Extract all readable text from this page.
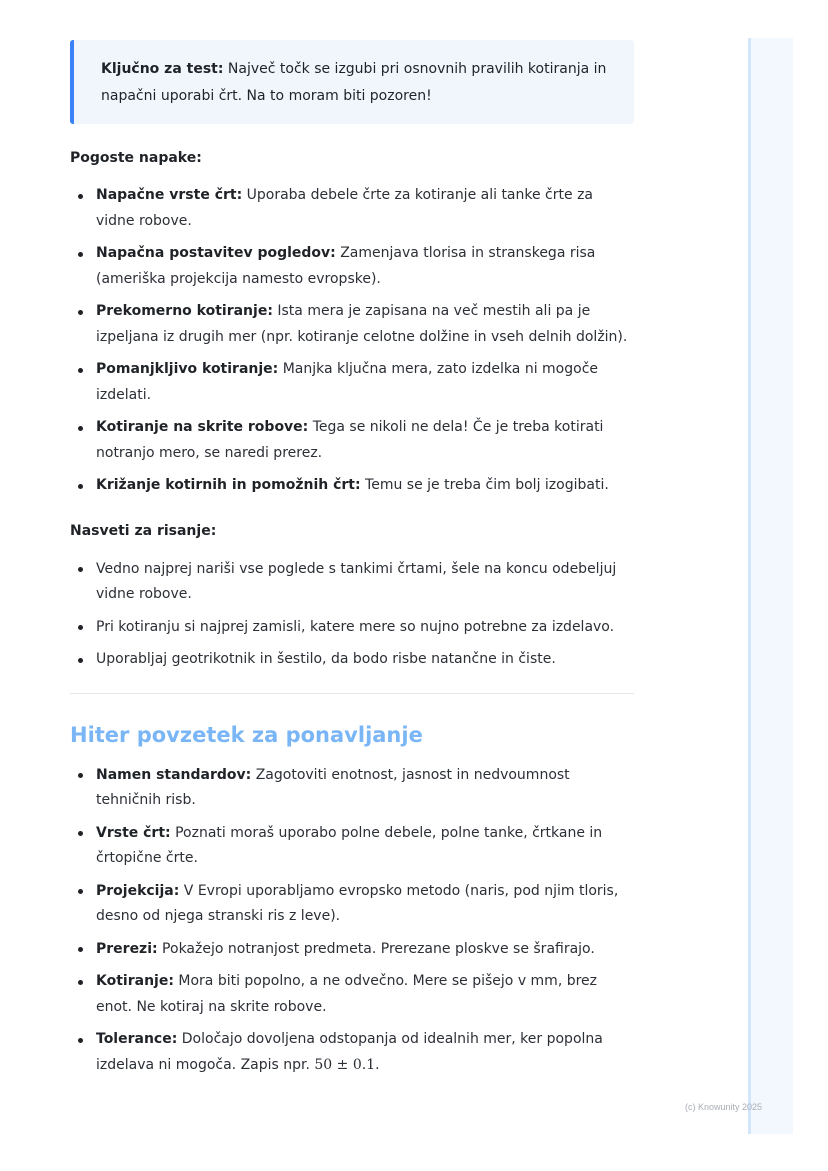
Ključno za test: Največ točk se izgubi pri osnovnih pravilih kotiranja in napačni uporabi črt. Na to moram biti pozoren!
Pogoste napake:
Napačne vrste črt: Uporaba debele črte za kotiranje ali tanke črte za vidne robove.
Napačna postavitev pogledov: Zamenjava tlorisa in stranskega risa (ameriška projekcija namesto evropske).
Prekomerno kotiranje: Ista mera je zapisana na več mestih ali pa je izpeljana iz drugih mer (npr. kotiranje celotne dolžine in vseh delnih dolžin).
Pomanjkljivo kotiranje: Manjka ključna mera, zato izdelka ni mogoče izdelati.
Kotiranje na skrite robove: Tega se nikoli ne dela! Če je treba kotirati notranjo mero, se naredi prerez.
Križanje kotirnih in pomožnih črt: Temu se je treba čim bolj izogibati.
Nasveti za risanje:
Vedno najprej nariši vse poglede s tankimi črtami, šele na koncu odebeljuj vidne robove.
Pri kotiranju si najprej zamisli, katere mere so nujno potrebne za izdelavo.
Uporabljaj geotrikotnik in šestilo, da bodo risbe natančne in čiste.
Hiter povzetek za ponavljanje
Namen standardov: Zagotoviti enotnost, jasnost in nedvoumnost tehničnih risb.
Vrste črt: Poznati moraš uporabo polne debele, polne tanke, črtkane in črtopične črte.
Projekcija: V Evropi uporabljamo evropsko metodo (naris, pod njim tloris, desno od njega stranski ris z leve).
Prerezi: Pokažejo notranjost predmeta. Prerezane ploskve se šrafirajo.
Kotiranje: Mora biti popolno, a ne odvečno. Mere se pišejo v mm, brez enot. Ne kotiraj na skrite robove.
Tolerance: Določajo dovoljena odstopanja od idealnih mer, ker popolna izdelava ni mogoča. Zapis npr. 50 ± 0.1.
(c) Knowunity 2025
